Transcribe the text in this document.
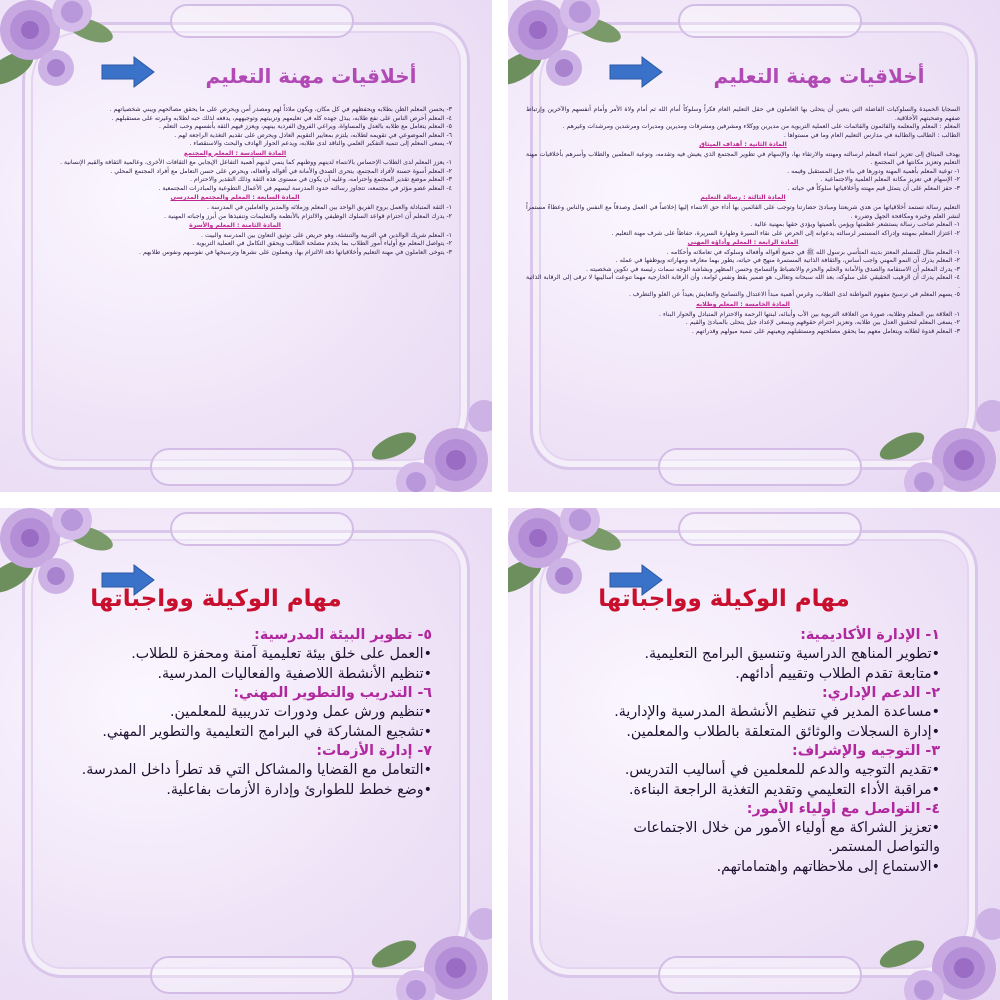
أخلاقيات مهنة التعليم
السجايا الحميدة والسلوكيات الفاضلة التي يتعين أن يتحلى بها العاملون في حقل التعليم العام فكراً وسلوكاً أمام الله ثم أمام ولاة الأمر وأمام أنفسهم والآخرين وإرتباط صفهم وصحبتهم الأخلاقية.
المعلم : المعلم والمعلمة والقائمون والقائمات على العملية التربوية من مديرين ووكلاء ومشرفين ومشرفات ومديرين ومديرات ومرشدين ومرشدات وغيرهم .
الطالب : الطالب والطالبة في مدارس التعليم العام وما في مستواها .
المادة الثانية : أهداف الميثاق
يهدف الميثاق إلى تعزيز انتماء المعلم لرسالته ومهنته والارتقاء بها، والإسهام في تطوير المجتمع الذي يعيش فيه وتقدمه، وتوعية المعلمين والطلاب وأسرهم بأخلاقيات مهنة التعليم وتعزيز مكانتها في المجتمع .
١- توعية المعلم بأهمية المهنة ودورها في بناء جيل المستقبل وقيمه .
٢- الإسهام في تعزيز مكانة المعلم العلمية والاجتماعية .
٣- حفز المعلم على أن يتمثل قيم مهنته وأخلاقياتها سلوكاً في حياته .
المادة الثالثة : رسالة التعليم
التعليم رسالة تستمد أخلاقياتها من هدي شريعتنا ومبادئ حضارتنا وتوجب على القائمين بها أداء حق الانتماء إليها إخلاصاً في العمل وصدقاً مع النفس والناس وعطاءً مستمراً لنشر العلم وخيره ومكافحة الجهل وضرره .
١- المعلم صاحب رسالة يستشعر عظمتها ويؤمن بأهميتها ويؤدي حقها بمهنية عالية .
٢- اعتزاز المعلم بمهنته وإدراكه المستمر لرسالته يدعوانه إلى الحرص على نقاء السيرة وطهارة السريرة، حفاظاً على شرف مهنة التعليم .
المادة الرابعة : المعلم وأداؤه المهني
١- المعلم مثال للمسلم المعتز بدينه المتأسي برسول الله ﷺ في جميع أقواله وأفعاله وسلوكه في تعاملاته وأحكامه .
٢- المعلم يدرك أن النمو المهني واجب أساس، والثقافة الذاتية المستمرة منهج في حياته، يطور بهما معارفه ومهاراته ويوظفها في عمله .
٣- يدرك المعلم أن الاستقامة والصدق والأمانة والحلم والحزم والانضباط والتسامح وحسن المظهر وبشاشة الوجه سمات رئيسة في تكوين شخصيته .
٤- المعلم يدرك أن الرقيب الحقيقي على سلوكه، بعد الله سبحانه وتعالى، هو ضمير يقظ ونفس لوامة، وأن الرقابة الخارجية مهما تنوعت أساليبها لا ترقى إلى الرقابة الذاتية .
٥- يسهم المعلم في ترسيخ مفهوم المواطنة لدى الطلاب، وغرس أهمية مبدأ الاعتدال والتسامح والتعايش بعيداً عن الغلو والتطرف .
المادة الخامسة : المعلم وطلابه
١- العلاقة بين المعلم وطلابه، صورة من العلاقة التربوية بين الأب وأبنائه، لبنتها الرحمة والاحترام المتبادل والحوار البناء .
٢- يسعى المعلم لتحقيق العدل بين طلابه، وتعزيز احترام حقوقهم ويسعى لإعداد جيل يتحلى بالمبادئ والقيم .
٣- المعلم قدوة لطلابه ويتعامل معهم بما يحقق مصلحتهم ومستقبلهم ويعينهم على تنمية ميولهم وقدراتهم .
أخلاقيات مهنة التعليم
٣- يحسن المعلم الظن بطلابه ويحفظهم في كل مكان، ويكون ملاذاً لهم ومصدر أمن ويحرص على ما يحقق مصالحهم ويبني شخصياتهم .
٤- المعلم أحرص الناس على نفع طلابه، يبذل جهده كله في تعليمهم وتربيتهم وتوجيههم، يدفعه لذلك حبه لطلابه وغيرته على مستقبلهم .
٥- المعلم يتعامل مع طلابه بالعدل والمساواة، ويراعي الفروق الفردية بينهم، ويعزز فيهم الثقة بأنفسهم وحب التعلم .
٦- المعلم الموضوعي في تقويمه لطلابه، يلتزم بمعايير التقويم العادل ويحرص على تقديم التغذية الراجعة لهم .
٧- يسعى المعلم إلى تنمية التفكير العلمي والناقد لدى طلابه، ويدعم الحوار الهادف والبحث والاستقصاء .
المادة السادسة : المعلم والمجتمع
١- يعزز المعلم لدى الطلاب الإحساس بالانتماء لدينهم ووطنهم كما ينمي لديهم أهمية التفاعل الإيجابي مع الثقافات الأخرى، وعالمية الثقافة والقيم الإنسانية .
٢- المعلم أسوة حسنة لأفراد المجتمع، يتحرى الصدق والأمانة في أقواله وأفعاله، ويحرص على حسن التعامل مع أفراد المجتمع المحلي .
٣- المعلم موضع تقدير المجتمع واحترامه، وعليه أن يكون في مستوى هذه الثقة وذلك التقدير والاحترام .
٤- المعلم عضو مؤثر في مجتمعه، تتجاوز رسالته حدود المدرسة ليسهم في الأعمال التطوعية والمبادرات المجتمعية .
المادة السابعة : المعلم والمجتمع المدرسي
١- الثقة المتبادلة والعمل بروح الفريق الواحد بين المعلم وزملائه والمدير والعاملين في المدرسة .
٢- يدرك المعلم أن احترام قواعد السلوك الوظيفي والالتزام بالأنظمة والتعليمات وتنفيذها من أبرز واجباته المهنية .
المادة الثامنة : المعلم والأسرة
١- المعلم شريك الوالدين في التربية والتنشئة، وهو حريص على توثيق التعاون بين المدرسة والبيت .
٢- يتواصل المعلم مع أولياء أمور الطلاب بما يخدم مصلحة الطالب ويحقق التكامل في العملية التربوية .
٣- يتوخى العاملون في مهنة التعليم وأخلاقياتها دقة الالتزام بها، ويعملون على نشرها وترسيخها في نفوسهم ونفوس طلابهم .
مهام الوكيلة وواجباتها
١- الإدارة الأكاديمية:
•تطوير المناهج الدراسية وتنسيق البرامج التعليمية.
•متابعة تقدم الطلاب وتقييم أدائهم.
٢- الدعم الإداري:
•مساعدة المدير في تنظيم الأنشطة المدرسية والإدارية.
•إدارة السجلات والوثائق المتعلقة بالطلاب والمعلمين.
٣- التوجيه والإشراف:
•تقديم التوجيه والدعم للمعلمين في أساليب التدريس.
•مراقبة الأداء التعليمي وتقديم التغذية الراجعة البناءة.
٤- التواصل مع أولياء الأمور:
•تعزيز الشراكة مع أولياء الأمور من خلال الاجتماعات والتواصل المستمر.
•الاستماع إلى ملاحظاتهم واهتماماتهم.
مهام الوكيلة وواجباتها
٥- تطوير البيئة المدرسية:
•العمل على خلق بيئة تعليمية آمنة ومحفزة للطلاب.
•تنظيم الأنشطة اللاصفية والفعاليات المدرسية.
٦- التدريب والتطوير المهني:
•تنظيم ورش عمل ودورات تدريبية للمعلمين.
•تشجيع المشاركة في البرامج التعليمية والتطوير المهني.
٧- إدارة الأزمات:
•التعامل مع القضايا والمشاكل التي قد تطرأ داخل المدرسة.
•وضع خطط للطوارئ وإدارة الأزمات بفاعلية.
